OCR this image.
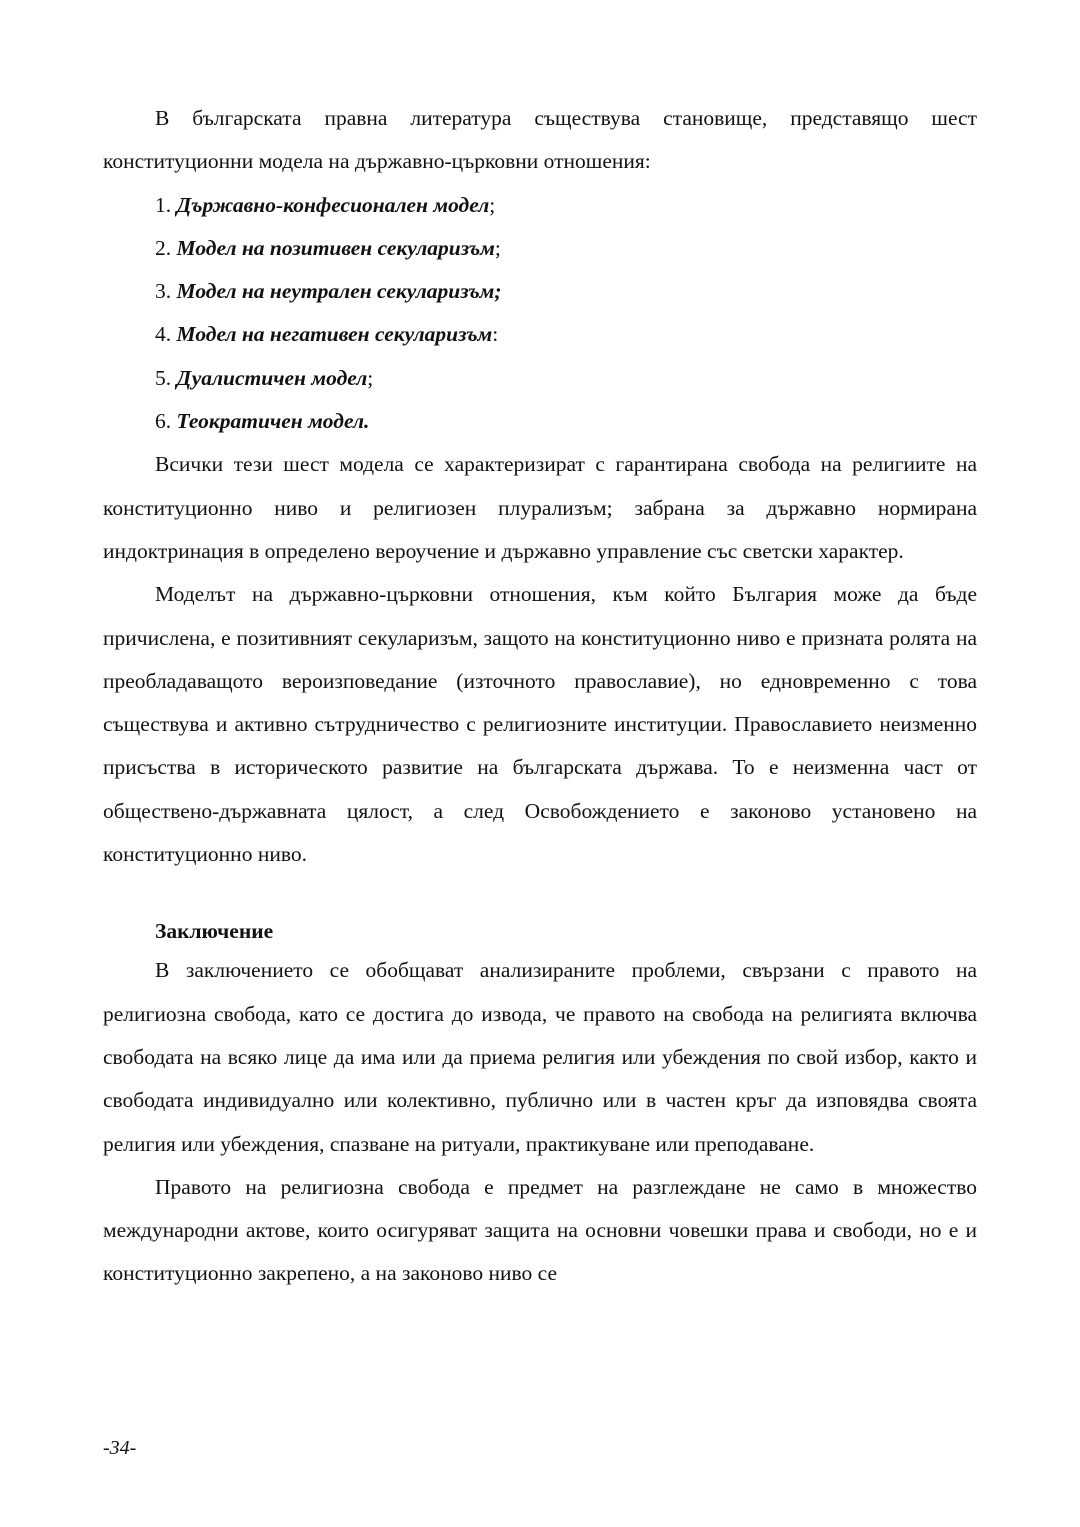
В българската правна литература съществува становище, представящо шест конституционни модела на държавно-църковни отношения:

1. Държавно-конфесионален модел;
2. Модел на позитивен секуларизъм;
3. Модел на неутрален секуларизъм;
4. Модел на негативен секуларизъм:
5. Дуалистичен модел;
6. Теократичен модел.

Всички тези шест модела се характеризират с гарантирана свобода на религиите на конституционно ниво и религиозен плурализъм; забрана за държавно нормирана индоктринация в определено вероучение и държавно управление със светски характер.

Моделът на държавно-църковни отношения, към който България може да бъде причислена, е позитивният секуларизъм, защото на конституционно ниво е призната ролята на преобладаващото вероизповедание (източното православие), но едновременно с това съществува и активно сътрудничество с религиозните институции. Православието неизменно присъства в историческото развитие на българската държава. То е неизменна част от обществено-държавната цялост, а след Освобождението е законово установено на конституционно ниво.

Заключение

В заключението се обобщават анализираните проблеми, свързани с правото на религиозна свобода, като се достига до извода, че правото на свобода на религията включва свободата на всяко лице да има или да приема религия или убеждения по свой избор, както и свободата индивидуално или колективно, публично или в частен кръг да изповядва своята религия или убеждения, спазване на ритуали, практикуване или преподаване.

Правото на религиозна свобода е предмет на разглеждане не само в множество международни актове, които осигуряват защита на основни човешки права и свободи, но е и конституционно закрепено, а на законово ниво се

-34-
